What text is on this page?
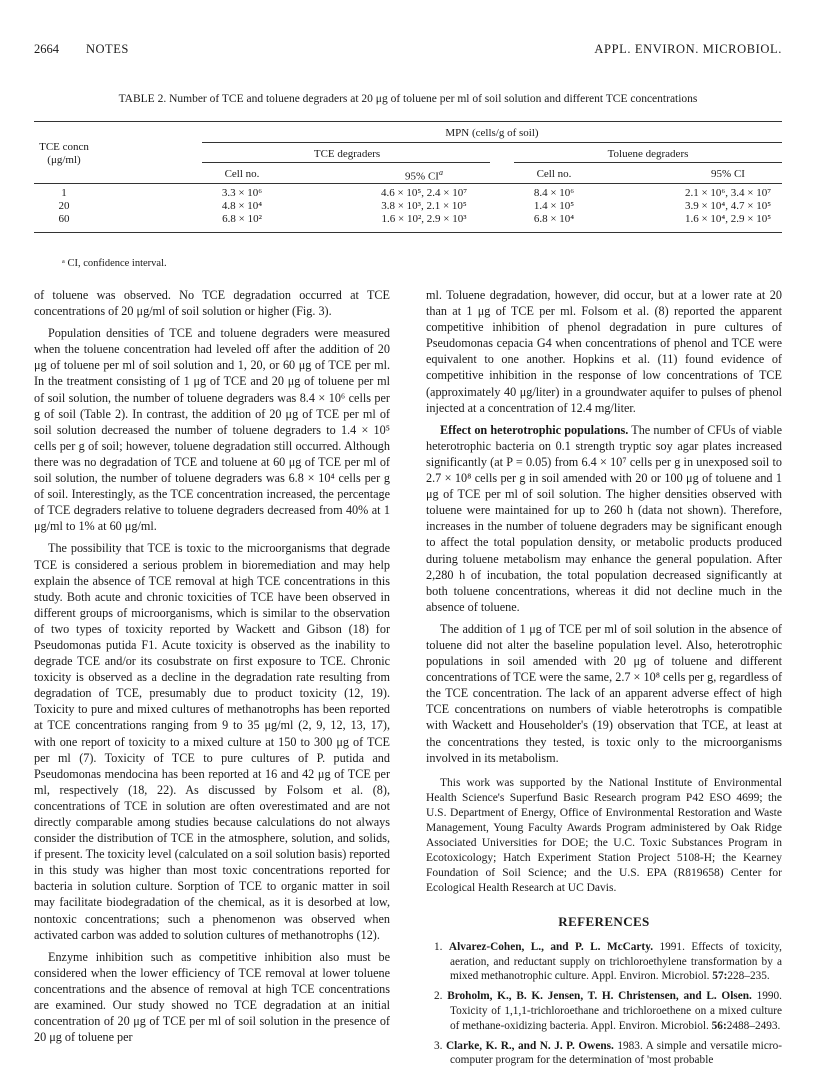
2664 NOTES	APPL. ENVIRON. MICROBIOL.
TABLE 2. Number of TCE and toluene degraders at 20 μg of toluene per ml of soil solution and different TCE concentrations
TCE concn
(μg/ml)
MPN (cells/g of soil)
TCE degraders	Toluene degraders
Cell no.	95% $CI^a$	Cell no.	95% CI
1	3.3 × 10⁶	4.6 × 10⁵, 2.4 × 10⁷	8.4 × 10⁶	2.1 × 10⁶, 3.4 × 10⁷
20	4.8 × 10⁴	3.8 × 10³, 2.1 × 10⁵	1.4 × 10⁵	3.9 × 10⁴, 4.7 × 10⁵
60	6.8 × 10²	1.6 × 10², 2.9 × 10³	6.8 × 10⁴	1.6 × 10⁴, 2.9 × 10⁵
ᵃ CI, confidence interval.

of toluene was observed. No TCE degradation occurred at TCE concentrations of 20 μg/ml of soil solution or higher (Fig. 3).

Population densities of TCE and toluene degraders were measured when the toluene concentration had leveled off after the addition of 20 μg of toluene per ml of soil solution and 1, 20, or 60 μg of TCE per ml. In the treatment consisting of 1 μg of TCE and 20 μg of toluene per ml of soil solution, the number of toluene degraders was 8.4 × 10⁶ cells per g of soil (Table 2). In contrast, the addition of 20 μg of TCE per ml of soil solution decreased the number of toluene degraders to 1.4 × 10⁵ cells per g of soil; however, toluene degradation still occurred. Although there was no degradation of TCE and toluene at 60 μg of TCE per ml of soil solution, the number of toluene degraders was 6.8 × 10⁴ cells per g of soil. Interestingly, as the TCE concentration increased, the percentage of TCE degraders relative to toluene degraders decreased from 40% at 1 μg/ml to 1% at 60 μg/ml.

The possibility that TCE is toxic to the microorganisms that degrade TCE is considered a serious problem in bioremediation and may help explain the absence of TCE removal at high TCE concentrations in this study. Both acute and chronic toxicities of TCE have been observed in different groups of microorganisms, which is similar to the observation of two types of toxicity reported by Wackett and Gibson (18) for Pseudomonas putida F1. Acute toxicity is observed as the inability to degrade TCE and/or its cosubstrate on first exposure to TCE. Chronic toxicity is observed as a decline in the degradation rate resulting from degradation of TCE, presumably due to product toxicity (12, 19). Toxicity to pure and mixed cultures of methanotrophs has been reported at TCE concentrations ranging from 9 to 35 μg/ml (2, 9, 12, 13, 17), with one report of toxicity to a mixed culture at 150 to 300 μg of TCE per ml (7). Toxicity of TCE to pure cultures of P. putida and Pseudomonas mendocina has been reported at 16 and 42 μg of TCE per ml, respectively (18, 22). As discussed by Folsom et al. (8), concentrations of TCE in solution are often overestimated and are not directly comparable among studies because calculations do not always consider the distribution of TCE in the atmosphere, solution, and solids, if present. The toxicity level (calculated on a soil solution basis) reported in this study was higher than most toxic concentrations reported for bacteria in solution culture. Sorption of TCE to organic matter in soil may facilitate biodegradation of the chemical, as it is desorbed at low, nontoxic concentrations; such a phenomenon was observed when activated carbon was added to solution cultures of methanotrophs (12).

Enzyme inhibition such as competitive inhibition also must be considered when the lower efficiency of TCE removal at lower toluene concentrations and the absence of removal at high TCE concentrations are examined. Our study showed no TCE degradation at an initial concentration of 20 μg of TCE per ml of soil solution in the presence of 20 μg of toluene per

ml. Toluene degradation, however, did occur, but at a lower rate at 20 than at 1 μg of TCE per ml. Folsom et al. (8) reported the apparent competitive inhibition of phenol degradation in pure cultures of Pseudomonas cepacia G4 when concentrations of phenol and TCE were equivalent to one another. Hopkins et al. (11) found evidence of competitive inhibition in the response of low concentrations of TCE (approximately 40 μg/liter) in a groundwater aquifer to pulses of phenol injected at a concentration of 12.4 mg/liter.

Effect on heterotrophic populations. The number of CFUs of viable heterotrophic bacteria on 0.1 strength tryptic soy agar plates increased significantly (at P = 0.05) from 6.4 × 10⁷ cells per g in unexposed soil to 2.7 × 10⁸ cells per g in soil amended with 20 or 100 μg of toluene and 1 μg of TCE per ml of soil solution. The higher densities observed with toluene were maintained for up to 260 h (data not shown). Therefore, increases in the number of toluene degraders may be significant enough to affect the total population density, or metabolic products produced during toluene metabolism may enhance the general population. After 2,280 h of incubation, the total population decreased significantly at both toluene concentrations, whereas it did not decline much in the absence of toluene.

The addition of 1 μg of TCE per ml of soil solution in the absence of toluene did not alter the baseline population level. Also, heterotrophic populations in soil amended with 20 μg of toluene and different concentrations of TCE were the same, 2.7 × 10⁸ cells per g, regardless of the TCE concentration. The lack of an apparent adverse effect of high TCE concentrations on numbers of viable heterotrophs is compatible with Wackett and Householder's (19) observation that TCE, at least at the concentrations they tested, is toxic only to the microorganisms involved in its metabolism.

This work was supported by the National Institute of Environmental Health Science's Superfund Basic Research program P42 ESO 4699; the U.S. Department of Energy, Office of Environmental Restoration and Waste Management, Young Faculty Awards Program administered by Oak Ridge Associated Universities for DOE; the U.C. Toxic Substances Program in Ecotoxicology; Hatch Experiment Station Project 5108-H; the Kearney Foundation of Soil Science; and the U.S. EPA (R819658) Center for Ecological Health Research at UC Davis.

REFERENCES
1. Alvarez-Cohen, L., and P. L. McCarty. 1991. Effects of toxicity, aeration, and reductant supply on trichloroethylene transformation by a mixed methanotrophic culture. Appl. Environ. Microbiol. 57:228–235.
2. Broholm, K., B. K. Jensen, T. H. Christensen, and L. Olsen. 1990. Toxicity of 1,1,1-trichloroethane and trichloroethene on a mixed culture of methane-oxidizing bacteria. Appl. Environ. Microbiol. 56:2488–2493.
3. Clarke, K. R., and N. J. P. Owens. 1983. A simple and versatile micro-computer program for the determination of 'most probable
